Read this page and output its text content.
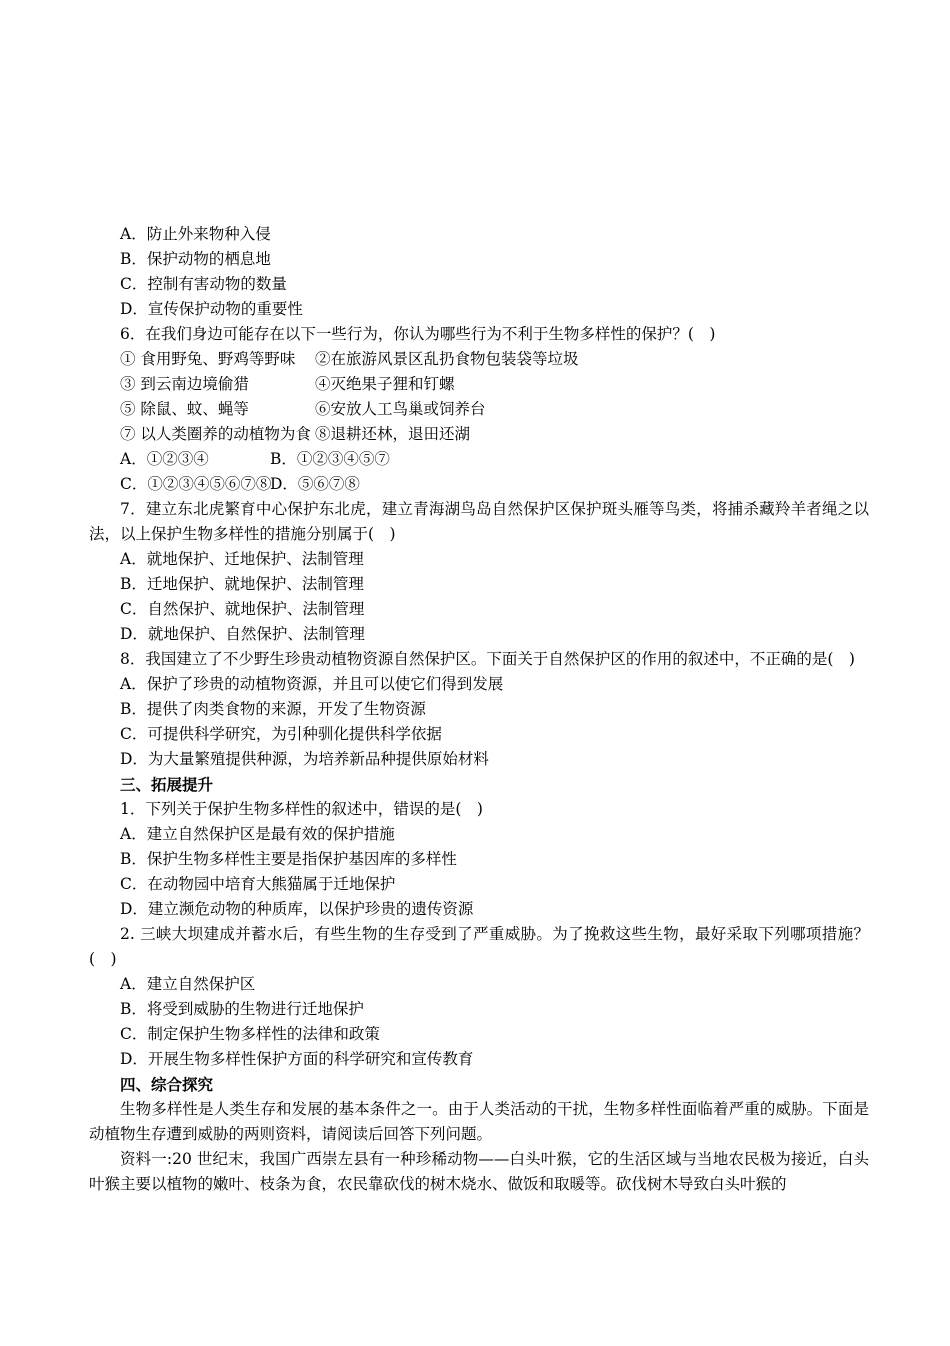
A．防止外来物种入侵
B．保护动物的栖息地
C．控制有害动物的数量
D．宣传保护动物的重要性
6．在我们身边可能存在以下一些行为，你认为哪些行为不利于生物多样性的保护？(　)
① 食用野兔、野鸡等野味 ②在旅游风景区乱扔食物包装袋等垃圾
③ 到云南边境偷猎	④灭绝果子狸和钉螺
⑤ 除鼠、蚊、蝇等	⑥安放人工鸟巢或饲养台
⑦ 以人类圈养的动植物为食 ⑧退耕还林，退田还湖
A．①②③④	B．①②③④⑤⑦
C．①②③④⑤⑥⑦⑧D．⑤⑥⑦⑧
7．建立东北虎繁育中心保护东北虎，建立青海湖鸟岛自然保护区保护斑头雁等鸟类，将捕杀藏羚羊者绳之以法，以上保护生物多样性的措施分别属于(　)
A．就地保护、迁地保护、法制管理
B．迁地保护、就地保护、法制管理
C．自然保护、就地保护、法制管理
D．就地保护、自然保护、法制管理
8．我国建立了不少野生珍贵动植物资源自然保护区。下面关于自然保护区的作用的叙述中，不正确的是(　)
A．保护了珍贵的动植物资源，并且可以使它们得到发展
B．提供了肉类食物的来源，开发了生物资源
C．可提供科学研究，为引种驯化提供科学依据
D．为大量繁殖提供种源，为培养新品种提供原始材料
三、拓展提升
1．下列关于保护生物多样性的叙述中，错误的是(　)
A．建立自然保护区是最有效的保护措施
B．保护生物多样性主要是指保护基因库的多样性
C．在动物园中培育大熊猫属于迁地保护
D．建立濒危动物的种质库，以保护珍贵的遗传资源
2. 三峡大坝建成并蓄水后，有些生物的生存受到了严重威胁。为了挽救这些生物，最好采取下列哪项措施？(　)
A．建立自然保护区
B．将受到威胁的生物进行迁地保护
C．制定保护生物多样性的法律和政策
D．开展生物多样性保护方面的科学研究和宣传教育
四、综合探究
生物多样性是人类生存和发展的基本条件之一。由于人类活动的干扰，生物多样性面临着严重的威胁。下面是动植物生存遭到威胁的两则资料，请阅读后回答下列问题。
资料一:20 世纪末，我国广西崇左县有一种珍稀动物——白头叶猴，它的生活区域与当地农民极为接近，白头叶猴主要以植物的嫩叶、枝条为食，农民靠砍伐的树木烧水、做饭和取暖等。砍伐树木导致白头叶猴的
